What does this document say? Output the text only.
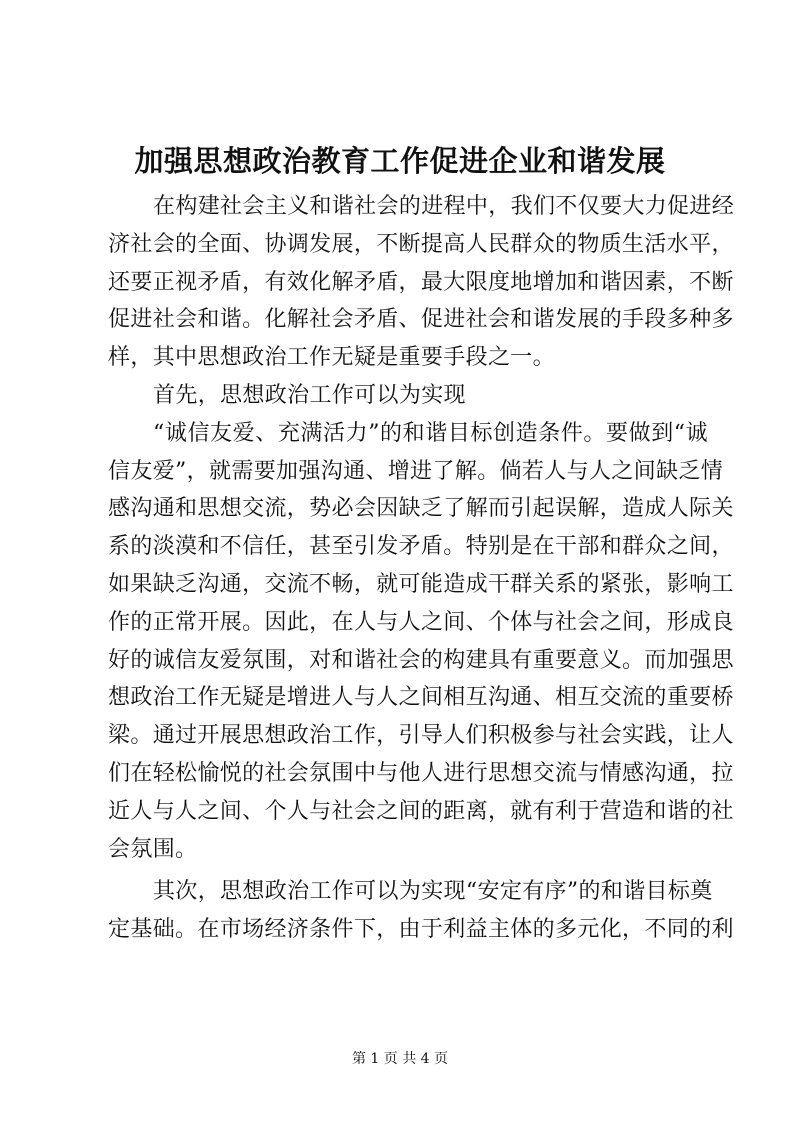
加强思想政治教育工作促进企业和谐发展
在构建社会主义和谐社会的进程中，我们不仅要大力促进经
济社会的全面、协调发展，不断提高人民群众的物质生活水平，
还要正视矛盾，有效化解矛盾，最大限度地增加和谐因素，不断
促进社会和谐。化解社会矛盾、促进社会和谐发展的手段多种多
样，其中思想政治工作无疑是重要手段之一。
首先，思想政治工作可以为实现
“诚信友爱、充满活力”的和谐目标创造条件。要做到“诚
信友爱”，就需要加强沟通、增进了解。倘若人与人之间缺乏情
感沟通和思想交流，势必会因缺乏了解而引起误解，造成人际关
系的淡漠和不信任，甚至引发矛盾。特别是在干部和群众之间，
如果缺乏沟通，交流不畅，就可能造成干群关系的紧张，影响工
作的正常开展。因此，在人与人之间、个体与社会之间，形成良
好的诚信友爱氛围，对和谐社会的构建具有重要意义。而加强思
想政治工作无疑是增进人与人之间相互沟通、相互交流的重要桥
梁。通过开展思想政治工作，引导人们积极参与社会实践，让人
们在轻松愉悦的社会氛围中与他人进行思想交流与情感沟通，拉
近人与人之间、个人与社会之间的距离，就有利于营造和谐的社
会氛围。
其次，思想政治工作可以为实现“安定有序”的和谐目标奠
定基础。在市场经济条件下，由于利益主体的多元化，不同的利
第 1 页 共 4 页
